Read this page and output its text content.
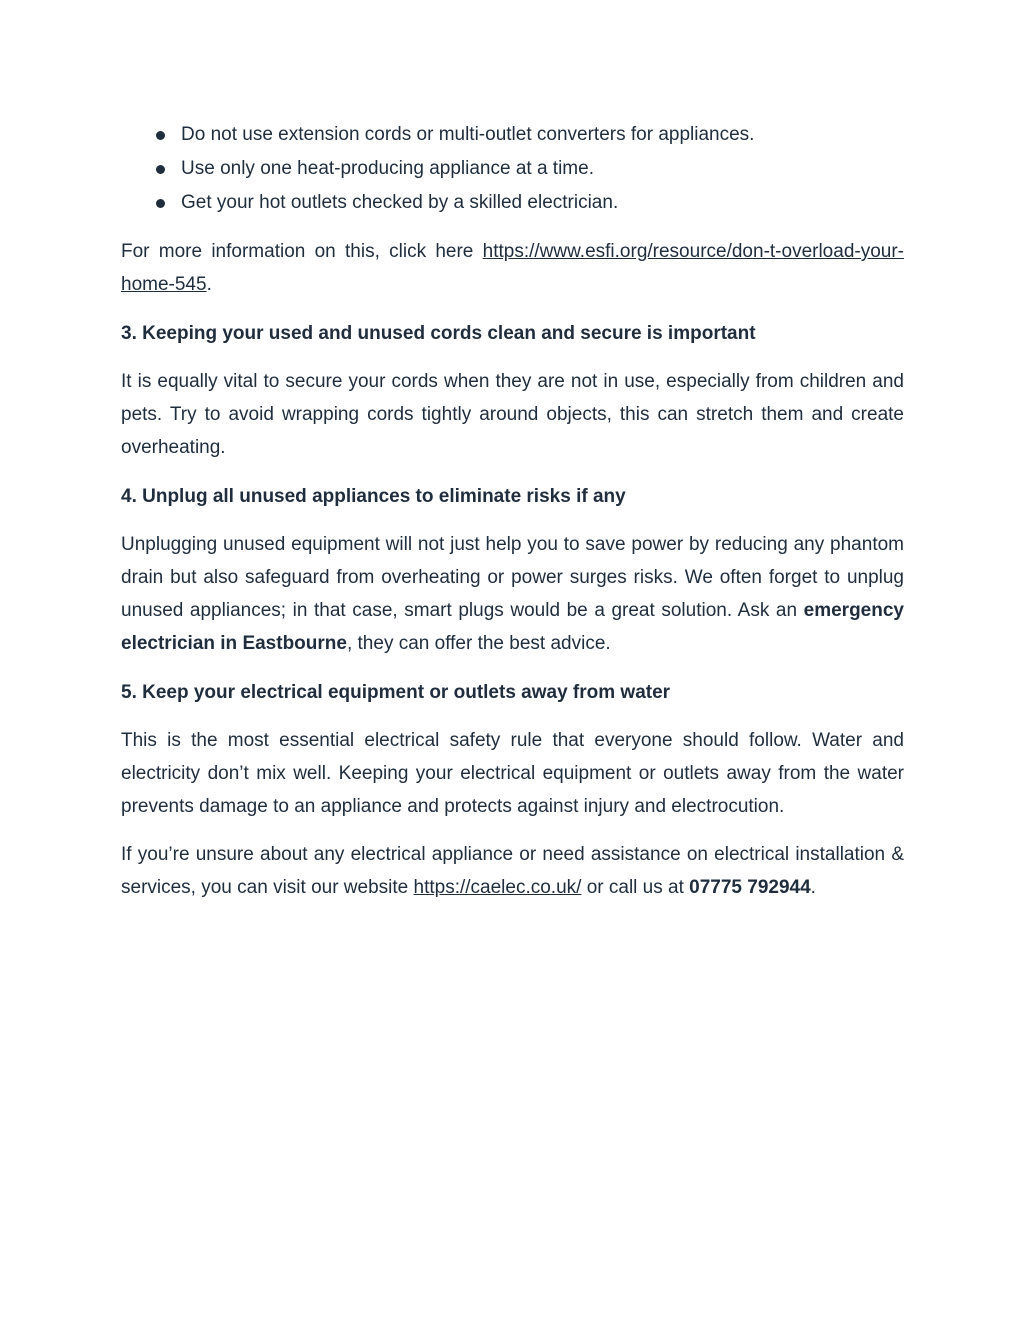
Do not use extension cords or multi-outlet converters for appliances.
Use only one heat-producing appliance at a time.
Get your hot outlets checked by a skilled electrician.

For more information on this, click here https://www.esfi.org/resource/don-t-overload-your-home-545.

3. Keeping your used and unused cords clean and secure is important

It is equally vital to secure your cords when they are not in use, especially from children and pets. Try to avoid wrapping cords tightly around objects, this can stretch them and create overheating.

4. Unplug all unused appliances to eliminate risks if any

Unplugging unused equipment will not just help you to save power by reducing any phantom drain but also safeguard from overheating or power surges risks. We often forget to unplug unused appliances; in that case, smart plugs would be a great solution. Ask an emergency electrician in Eastbourne, they can offer the best advice.

5. Keep your electrical equipment or outlets away from water

This is the most essential electrical safety rule that everyone should follow. Water and electricity don’t mix well. Keeping your electrical equipment or outlets away from the water prevents damage to an appliance and protects against injury and electrocution.

If you’re unsure about any electrical appliance or need assistance on electrical installation & services, you can visit our website https://caelec.co.uk/ or call us at 07775 792944.
